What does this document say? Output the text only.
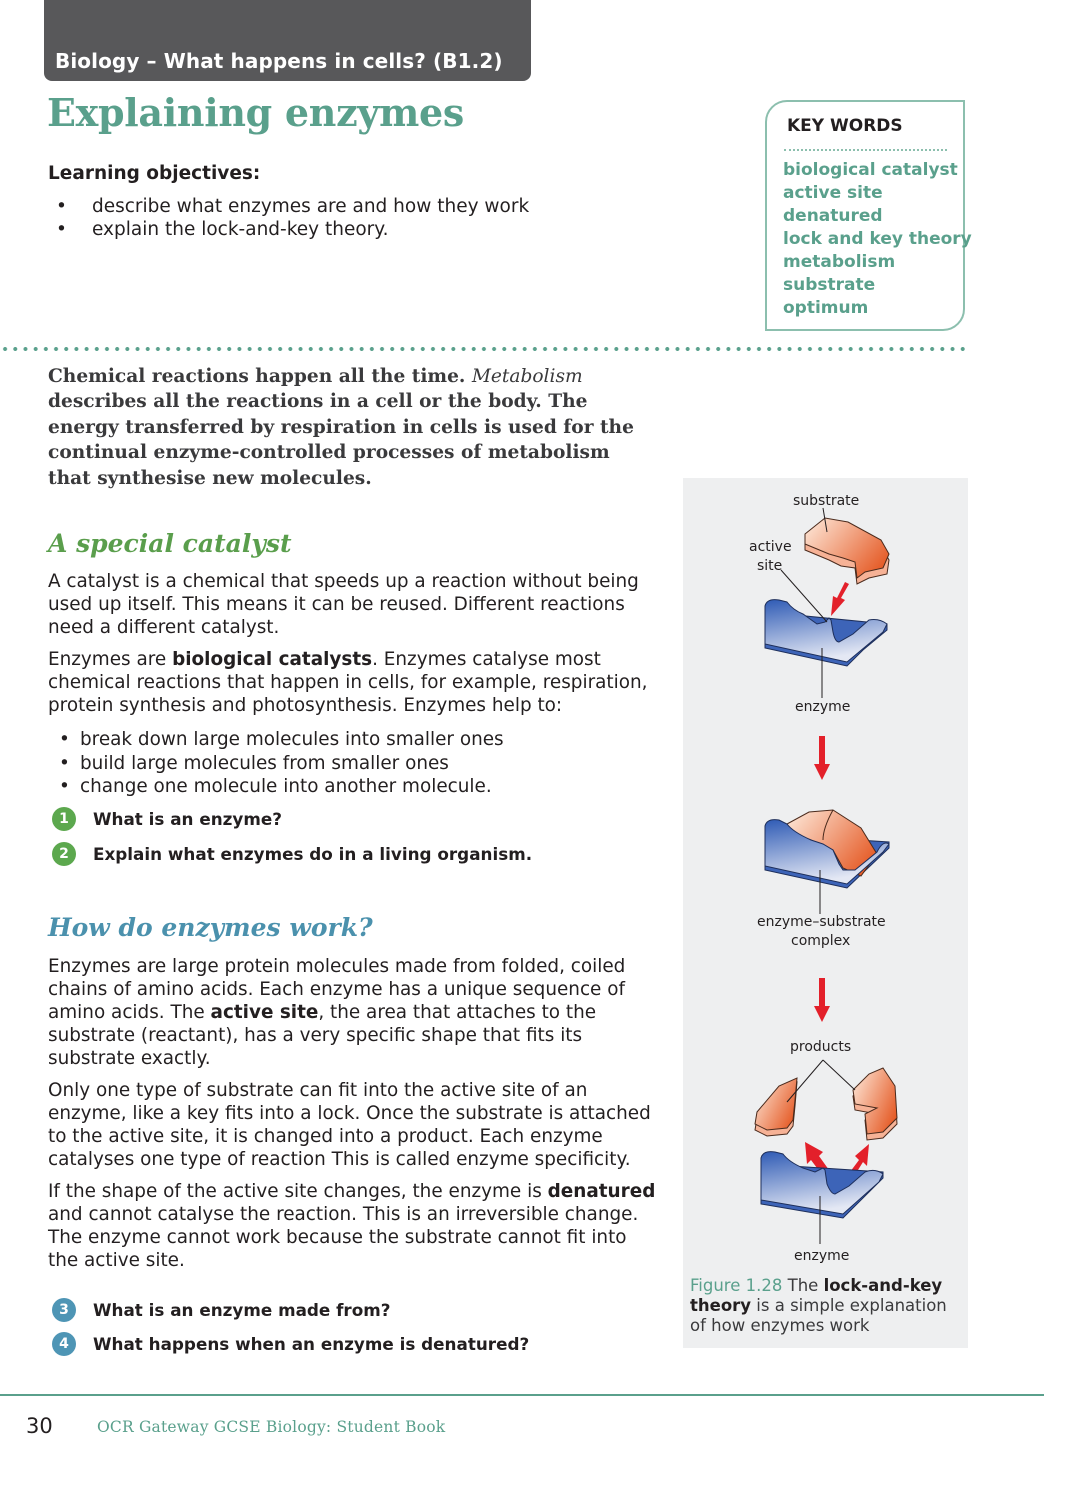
Biology – What happens in cells? (B1.2)
Explaining enzymes
Learning objectives:
• describe what enzymes are and how they work
• explain the lock-and-key theory.
KEY WORDS
biological catalyst
active site
denatured
lock and key theory
metabolism
substrate
optimum
Chemical reactions happen all the time. Metabolism describes all the reactions in a cell or the body. The energy transferred by respiration in cells is used for the continual enzyme-controlled processes of metabolism that synthesise new molecules.
A special catalyst

A catalyst is a chemical that speeds up a reaction without being used up itself. This means it can be reused. Different reactions need a different catalyst.

Enzymes are biological catalysts. Enzymes catalyse most chemical reactions that happen in cells, for example, respiration, protein synthesis and photosynthesis. Enzymes help to:

• break down large molecules into smaller ones
• build large molecules from smaller ones
• change one molecule into another molecule.
1	What is an enzyme?
2	Explain what enzymes do in a living organism.
How do enzymes work?

Enzymes are large protein molecules made from folded, coiled chains of amino acids. Each enzyme has a unique sequence of amino acids. The active site, the area that attaches to the substrate (reactant), has a very specific shape that fits its substrate exactly.

Only one type of substrate can fit into the active site of an enzyme, like a key fits into a lock. Once the substrate is attached to the active site, it is changed into a product. Each enzyme catalyses one type of reaction This is called enzyme specificity.

If the shape of the active site changes, the enzyme is denatured and cannot catalyse the reaction. This is an irreversible change. The enzyme cannot work because the substrate cannot fit into the active site.

3	What is an enzyme made from?
4	What happens when an enzyme is denatured?
substrate
active
site
enzyme
enzyme–substrate
complex
products
enzyme
Figure 1.28 The lock-and-key theory is a simple explanation of how enzymes work
30	OCR Gateway GCSE Biology: Student Book
